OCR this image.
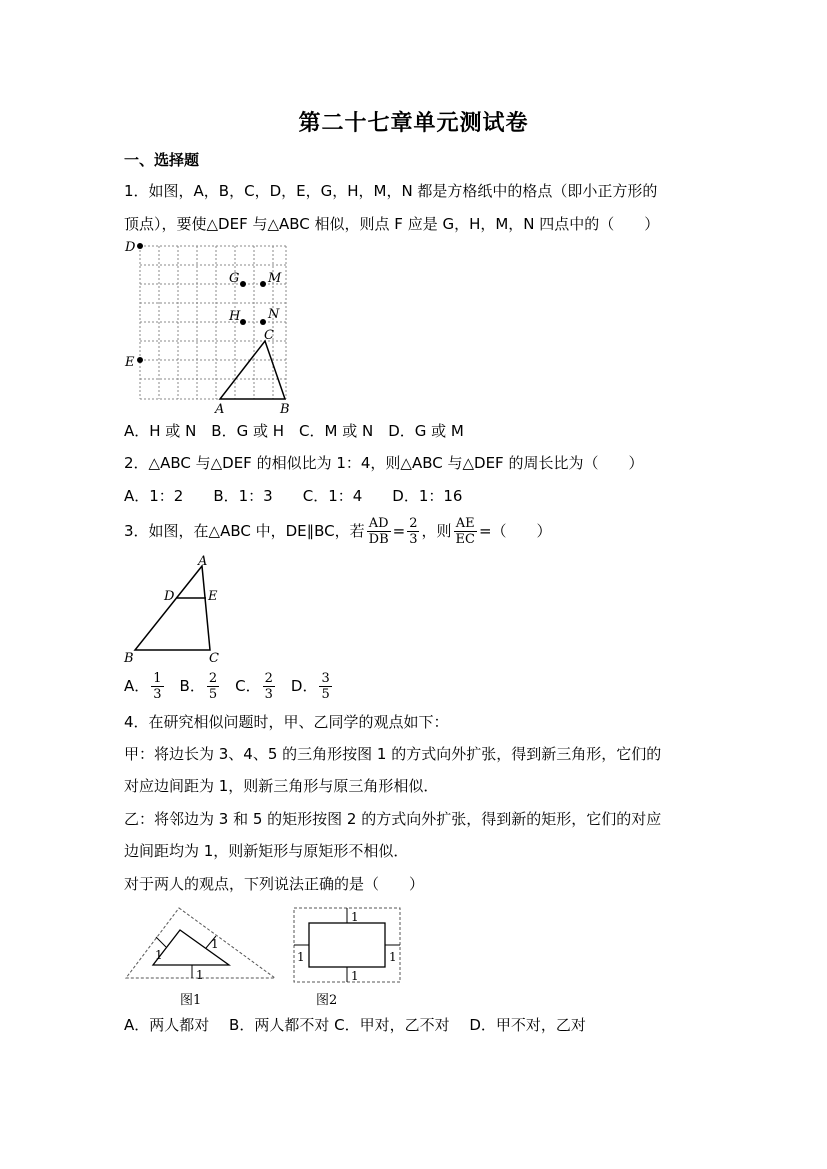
第二十七章单元测试卷
一、选择题
1．如图，A，B，C，D，E，G，H，M，N 都是方格纸中的格点（即小正方形的
顶点），要使△DEF 与△ABC 相似，则点 F 应是 G，H，M，N 四点中的（　　）
D
E
G M
H N
C
A	B
A．H 或 N　B．G 或 H　C．M 或 N　D．G 或 M
2．△ABC 与△DEF 的相似比为 1：4，则△ABC 与△DEF 的周长比为（　　）
A．1：2　　B．1：3　　C．1：4　　D．1：16
3．如图，在△ABC 中，DE∥BC，若 $\frac{AD}{DB} = \frac{2}{3}$ ，则 $\frac{AE}{EC}$ =（　　）
A
D	E
B	C
A． $\frac{1}{3}$ B． $\frac{2}{5}$ C． $\frac{2}{3}$ D． $\frac{3}{5}$
4．在研究相似问题时，甲、乙同学的观点如下：
甲：将边长为 3、4、5 的三角形按图 1 的方式向外扩张，得到新三角形，它们的
对应边间距为 1，则新三角形与原三角形相似．
乙：将邻边为 3 和 5 的矩形按图 2 的方式向外扩张，得到新的矩形，它们的对应
边间距均为 1，则新矩形与原矩形不相似．
对于两人的观点，下列说法正确的是（　　）
1
1
1
图1
1
1
1	1
图2
A．两人都对　 B．两人都不对 C．甲对，乙不对　 D．甲不对，乙对
